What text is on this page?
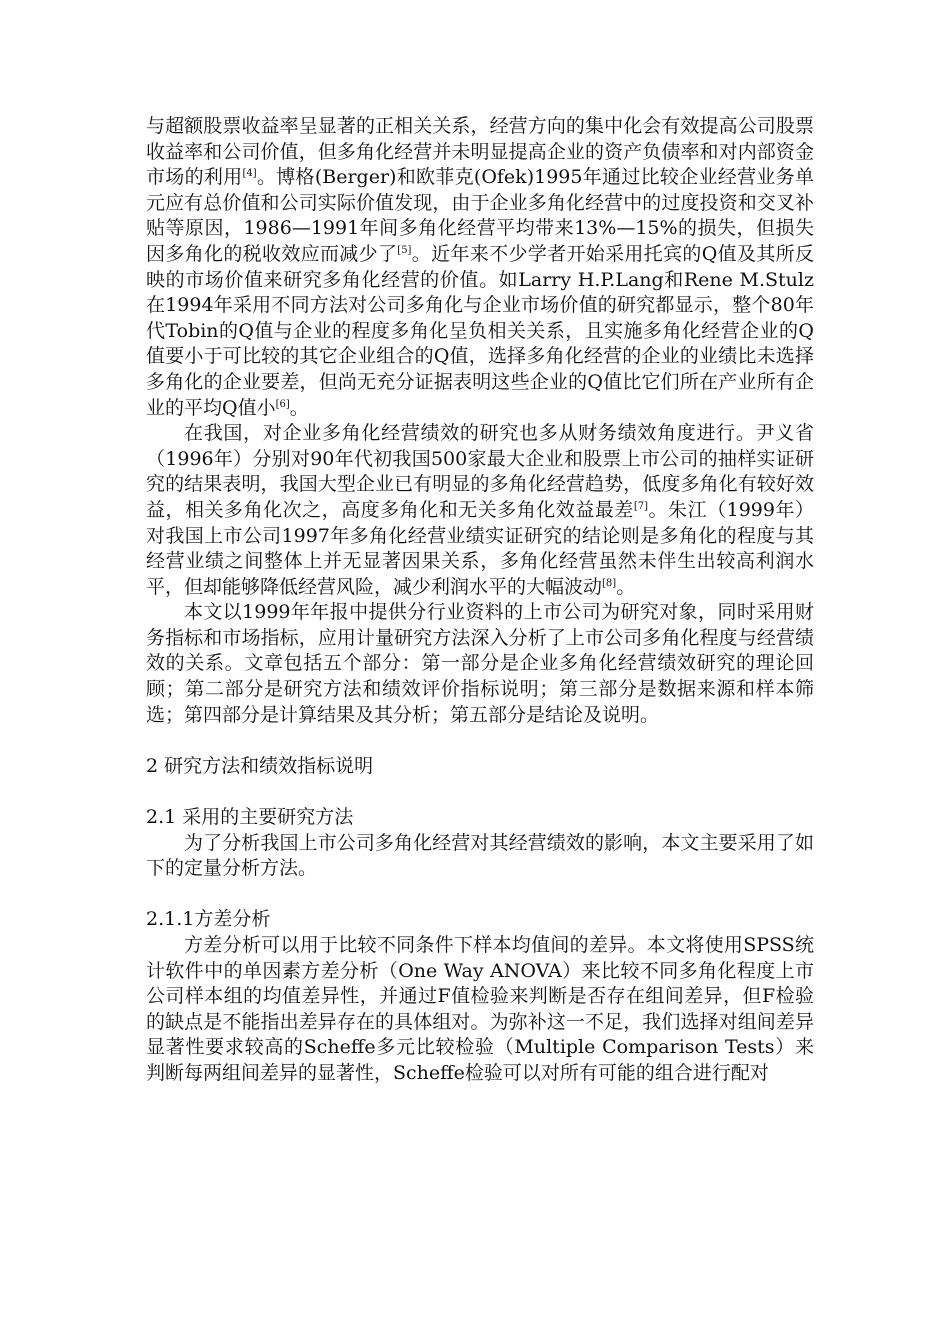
与超额股票收益率呈显著的正相关关系，经营方向的集中化会有效提高公司股票收益率和公司价值，但多角化经营并未明显提高企业的资产负债率和对内部资金市场的利用[4]。博格(Berger)和欧菲克(Ofek)1995年通过比较企业经营业务单元应有总价值和公司实际价值发现，由于企业多角化经营中的过度投资和交叉补贴等原因，1986—1991年间多角化经营平均带来13%—15%的损失，但损失因多角化的税收效应而减少了[5]。近年来不少学者开始采用托宾的Q值及其所反映的市场价值来研究多角化经营的价值。如Larry H.P.Lang和Rene M.Stulz在1994年采用不同方法对公司多角化与企业市场价值的研究都显示，整个80年代Tobin的Q值与企业的程度多角化呈负相关关系，且实施多角化经营企业的Q值要小于可比较的其它企业组合的Q值，选择多角化经营的企业的业绩比未选择多角化的企业要差，但尚无充分证据表明这些企业的Q值比它们所在产业所有企业的平均Q值小[6]。

在我国，对企业多角化经营绩效的研究也多从财务绩效角度进行。尹义省（1996年）分别对90年代初我国500家最大企业和股票上市公司的抽样实证研究的结果表明，我国大型企业已有明显的多角化经营趋势，低度多角化有较好效益，相关多角化次之，高度多角化和无关多角化效益最差[7]。朱江（1999年）对我国上市公司1997年多角化经营业绩实证研究的结论则是多角化的程度与其经营业绩之间整体上并无显著因果关系，多角化经营虽然未伴生出较高利润水平，但却能够降低经营风险，减少利润水平的大幅波动[8]。

本文以1999年年报中提供分行业资料的上市公司为研究对象，同时采用财务指标和市场指标，应用计量研究方法深入分析了上市公司多角化程度与经营绩效的关系。文章包括五个部分：第一部分是企业多角化经营绩效研究的理论回顾；第二部分是研究方法和绩效评价指标说明；第三部分是数据来源和样本筛选；第四部分是计算结果及其分析；第五部分是结论及说明。

2 研究方法和绩效指标说明

2.1 采用的主要研究方法

为了分析我国上市公司多角化经营对其经营绩效的影响，本文主要采用了如下的定量分析方法。

2.1.1方差分析

方差分析可以用于比较不同条件下样本均值间的差异。本文将使用SPSS统计软件中的单因素方差分析（One Way ANOVA）来比较不同多角化程度上市公司样本组的均值差异性，并通过F值检验来判断是否存在组间差异，但F检验的缺点是不能指出差异存在的具体组对。为弥补这一不足，我们选择对组间差异显著性要求较高的Scheffe多元比较检验（Multiple Comparison Tests）来判断每两组间差异的显著性，Scheffe检验可以对所有可能的组合进行配对
